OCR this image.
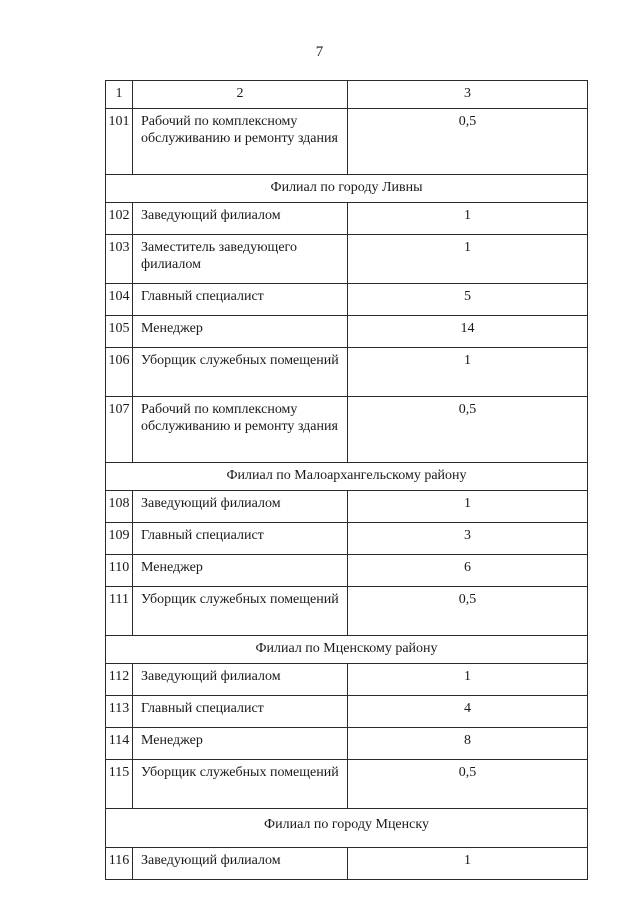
7
1	2	3
101	Рабочий по комплексному обслуживанию и ремонту здания	0,5
Филиал по городу Ливны		
102	Заведующий филиалом	1
103	Заместитель заведующего филиалом	1
104	Главный специалист	5
105	Менеджер	14
106	Уборщик служебных помещений	1
107	Рабочий по комплексному обслуживанию и ремонту здания	0,5
Филиал по Малоархангельскому району		
108	Заведующий филиалом	1
109	Главный специалист	3
110	Менеджер	6
111	Уборщик служебных помещений	0,5
Филиал по Мценскому району		
112	Заведующий филиалом	1
113	Главный специалист	4
114	Менеджер	8
115	Уборщик служебных помещений	0,5
Филиал по городу Мценску		
116	Заведующий филиалом	1
